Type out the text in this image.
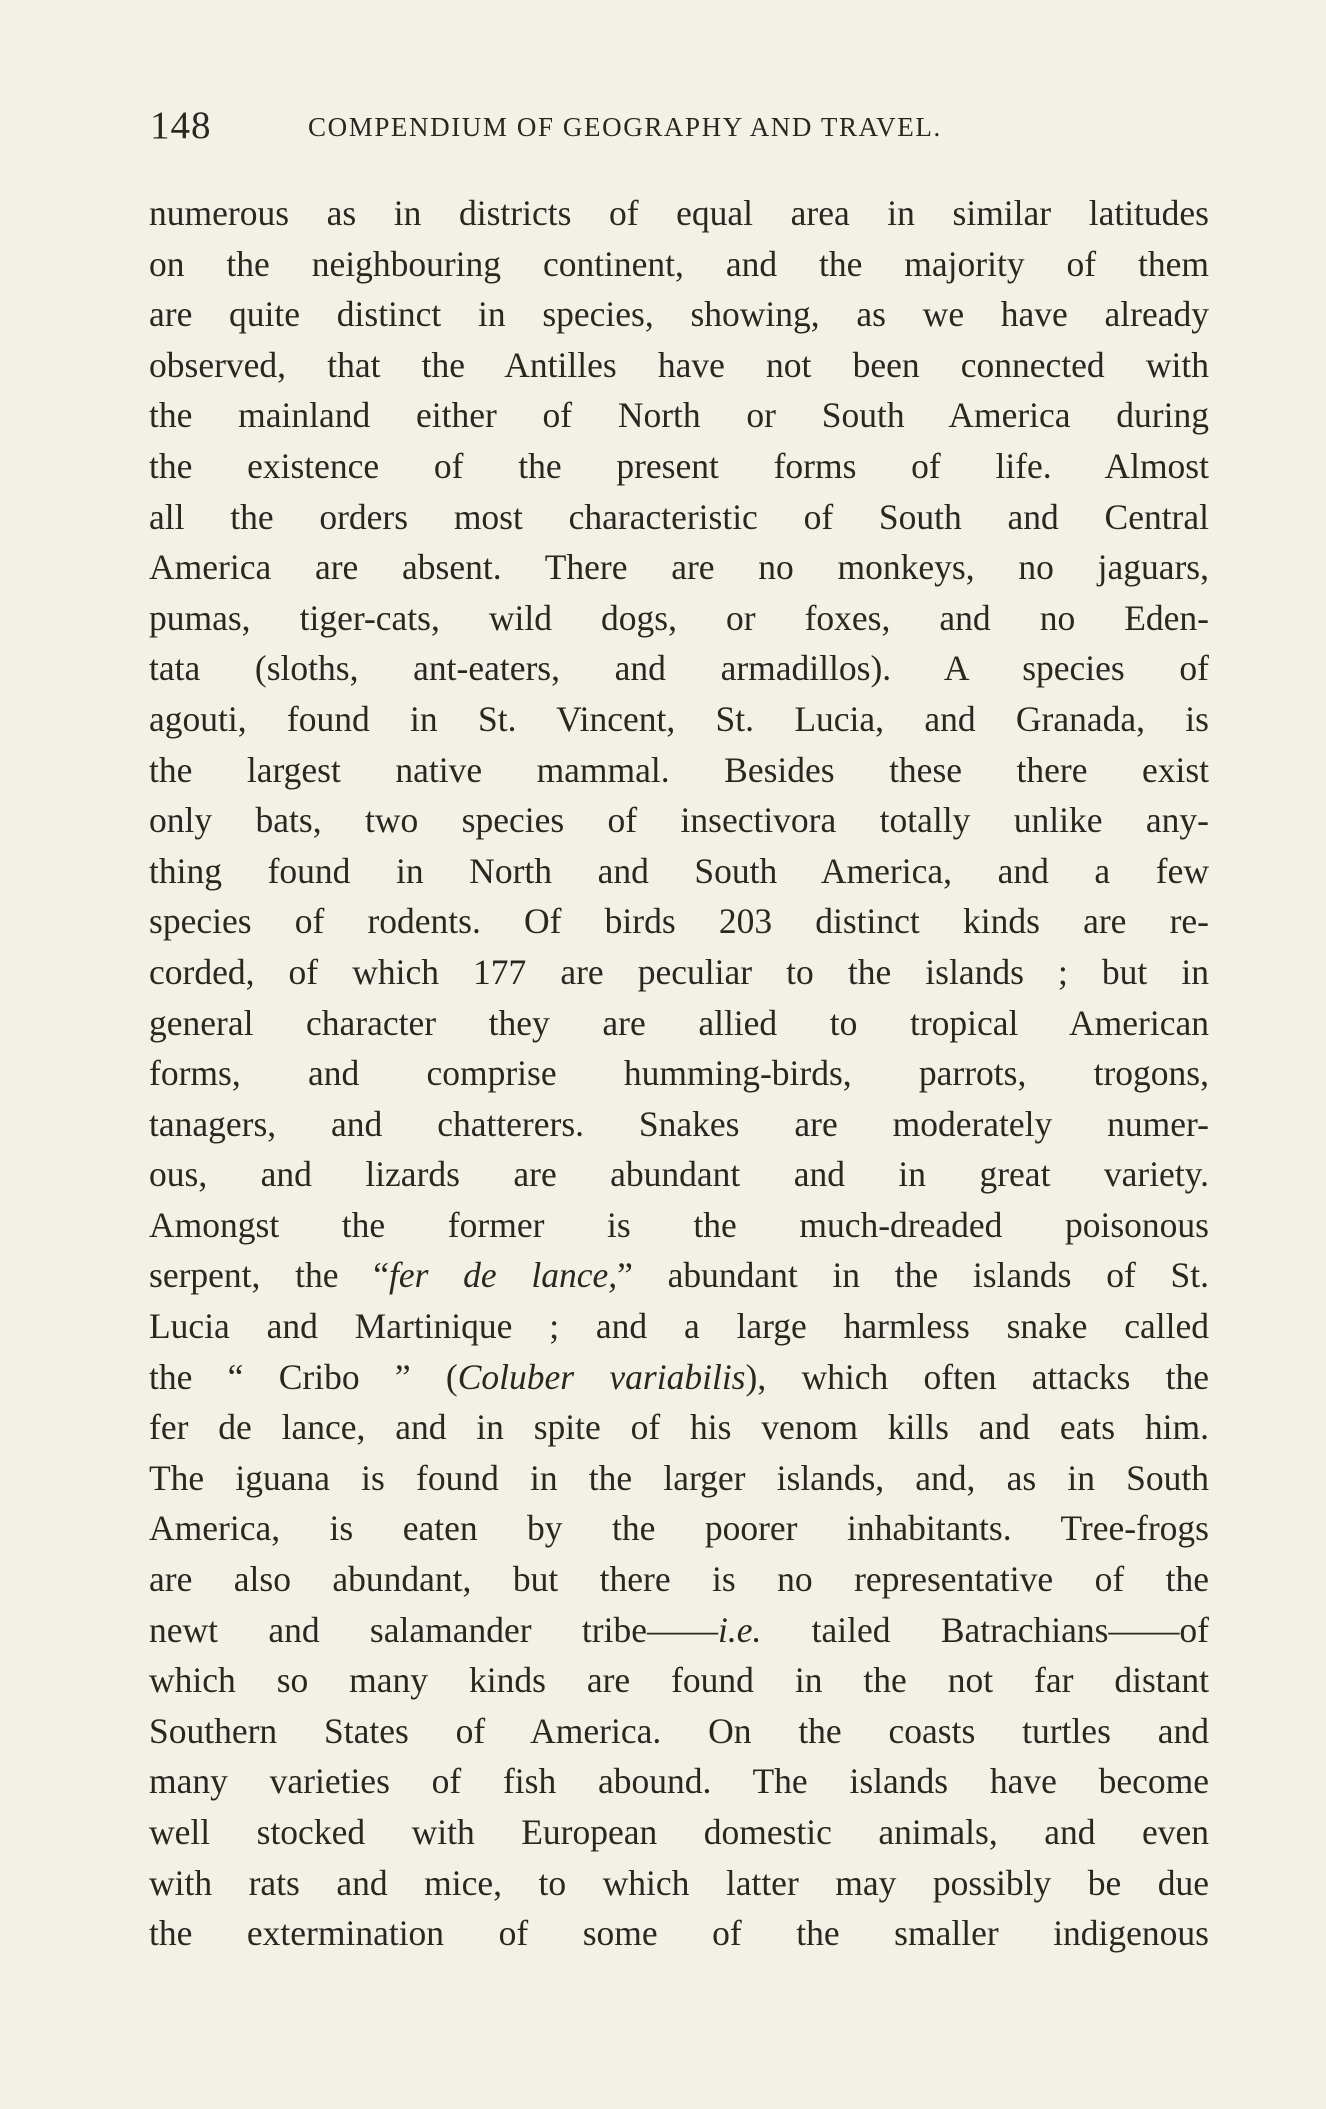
148	COMPENDIUM OF GEOGRAPHY AND TRAVEL.
numerous as in districts of equal area in similar latitudes
on the neighbouring continent, and the majority of them
are quite distinct in species, showing, as we have already
observed, that the Antilles have not been connected with
the mainland either of North or South America during
the existence of the present forms of life. Almost
all the orders most characteristic of South and Central
America are absent. There are no monkeys, no jaguars,
pumas, tiger-cats, wild dogs, or foxes, and no Eden-
tata (sloths, ant-eaters, and armadillos). A species of
agouti, found in St. Vincent, St. Lucia, and Granada, is
the largest native mammal. Besides these there exist
only bats, two species of insectivora totally unlike any-
thing found in North and South America, and a few
species of rodents. Of birds 203 distinct kinds are re-
corded, of which 177 are peculiar to the islands ; but in
general character they are allied to tropical American
forms, and comprise humming-birds, parrots, trogons,
tanagers, and chatterers. Snakes are moderately numer-
ous, and lizards are abundant and in great variety.
Amongst the former is the much-dreaded poisonous
serpent, the “fer de lance,” abundant in the islands of St.
Lucia and Martinique ; and a large harmless snake called
the “ Cribo ” (Coluber variabilis), which often attacks the
fer de lance, and in spite of his venom kills and eats him.
The iguana is found in the larger islands, and, as in South
America, is eaten by the poorer inhabitants. Tree-frogs
are also abundant, but there is no representative of the
newt and salamander tribe——i.e. tailed Batrachians——of
which so many kinds are found in the not far distant
Southern States of America. On the coasts turtles and
many varieties of fish abound. The islands have become
well stocked with European domestic animals, and even
with rats and mice, to which latter may possibly be due
the extermination of some of the smaller indigenous
